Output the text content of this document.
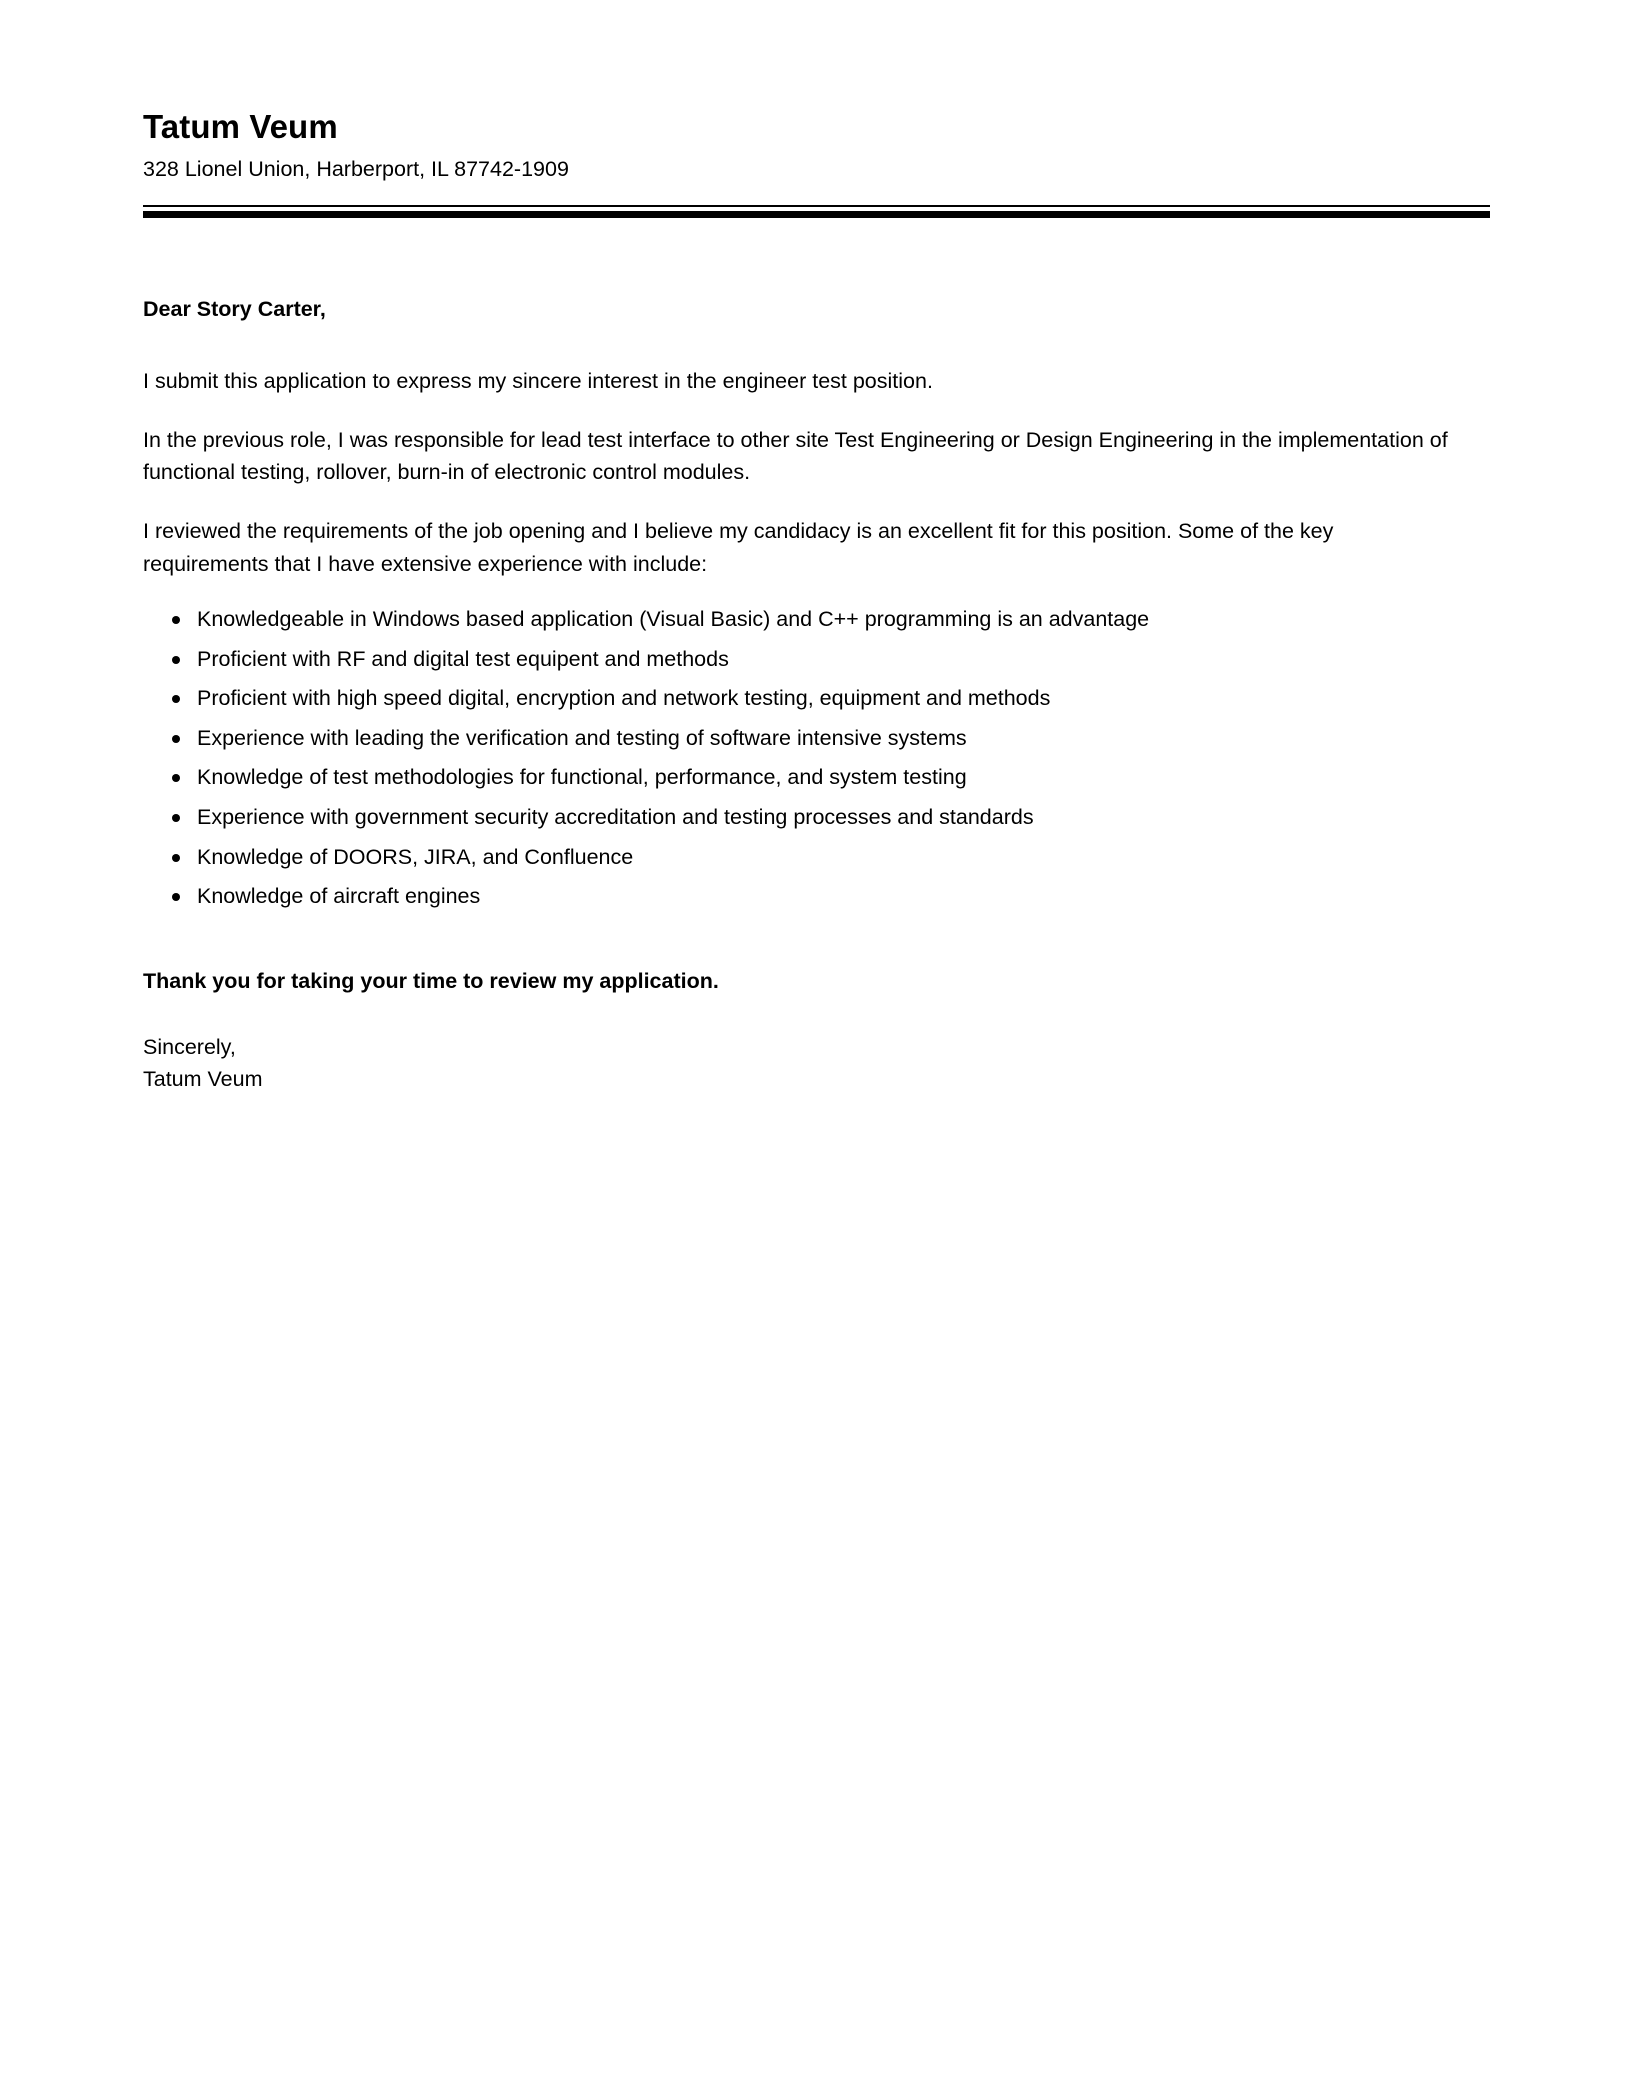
Tatum Veum
328 Lionel Union, Harberport, IL 87742-1909
Dear Story Carter,

I submit this application to express my sincere interest in the engineer test position.

In the previous role, I was responsible for lead test interface to other site Test Engineering or Design Engineering in the implementation of functional testing, rollover, burn-in of electronic control modules.

I reviewed the requirements of the job opening and I believe my candidacy is an excellent fit for this position. Some of the key requirements that I have extensive experience with include:

Knowledgeable in Windows based application (Visual Basic) and C++ programming is an advantage
Proficient with RF and digital test equipent and methods
Proficient with high speed digital, encryption and network testing, equipment and methods
Experience with leading the verification and testing of software intensive systems
Knowledge of test methodologies for functional, performance, and system testing
Experience with government security accreditation and testing processes and standards
Knowledge of DOORS, JIRA, and Confluence
Knowledge of aircraft engines
Thank you for taking your time to review my application.
Sincerely,
Tatum Veum
